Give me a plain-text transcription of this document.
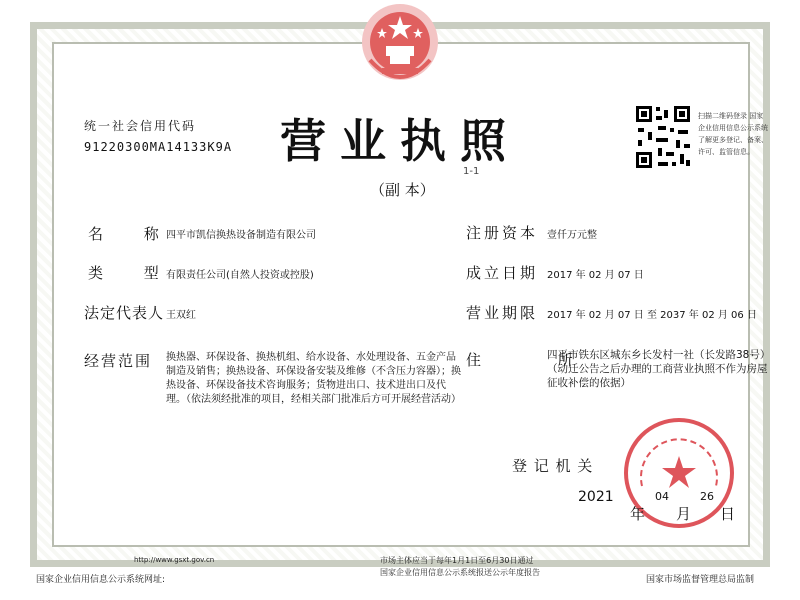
统一社会信用代码
91220300MA14133K9A 营业执照
1-1
（副 本）
扫描二维码登录 国家企业信用信息公示系统 了解更多登记、备案、许可、监管信息。
名 称
四平市凯信换热设备制造有限公司
类 型
有限责任公司(自然人投资或控股)
法定代表人 王双红
经营范围 换热器、环保设备、换热机组、给水设备、水处理设备、五金产品制造及销售；换热设备、环保设备安装及维修（不含压力容器）；换热设备、环保设备技术咨询服务；货物进出口、技术进出口及代理。（依法须经批准的项目，经相关部门批准后方可开展经营活动）
注册资本 壹仟万元整
成立日期 2017 年 02 月 07 日
营业期限 2017 年 02 月 07 日 至 2037 年 02 月 06 日
住 所
四平市铁东区城东乡长发村一社（长发路38号）（动迁公告之后办理的工商营业执照不作为房屋征收补偿的依据）
登 记 机 关
2021	04	26
年 月 日
http://www.gsxt.gov.cn
国家企业信用信息公示系统网址:
市场主体应当于每年1月1日至6月30日通过
国家企业信用信息公示系统报送公示年度报告
国家市场监督管理总局监制
